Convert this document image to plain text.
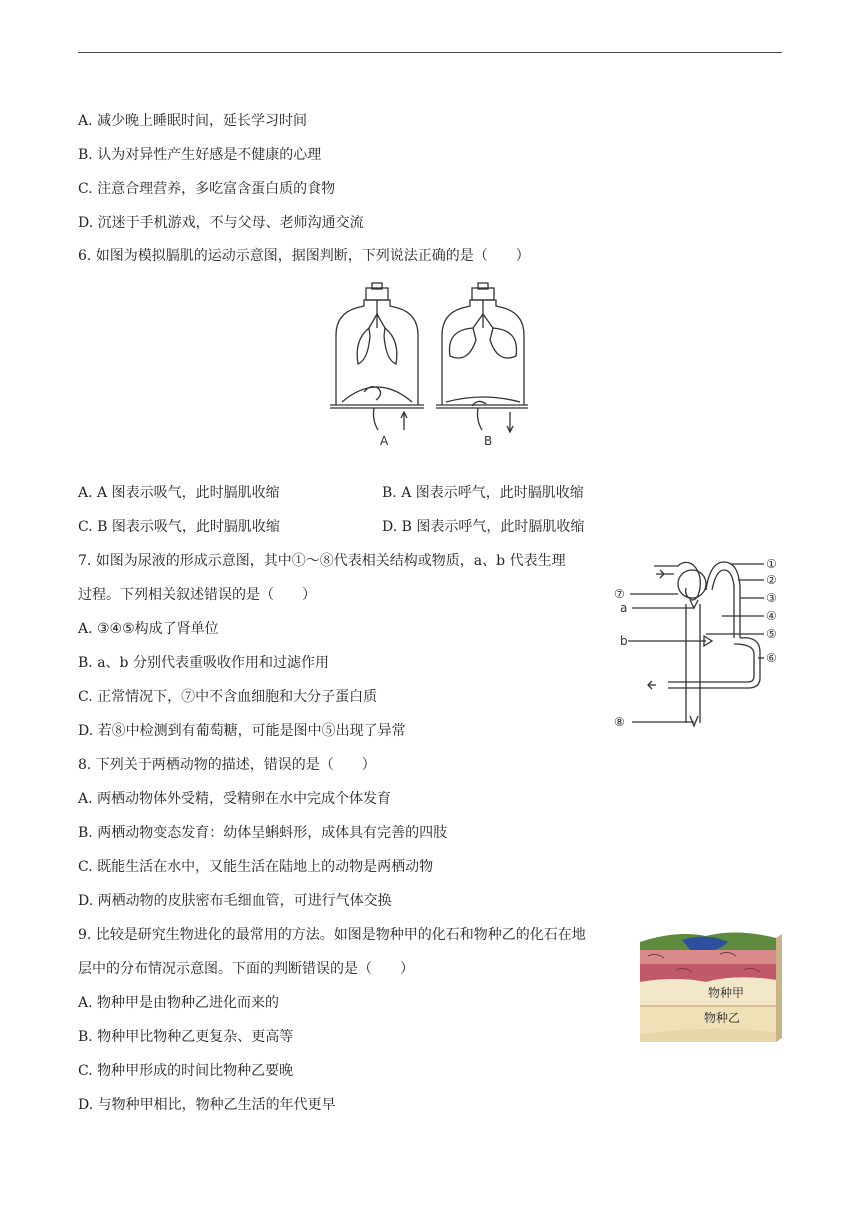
A. 减少晚上睡眠时间，延长学习时间
B. 认为对异性产生好感是不健康的心理
C. 注意合理营养，多吃富含蛋白质的食物
D. 沉迷于手机游戏，不与父母、老师沟通交流
6. 如图为模拟膈肌的运动示意图，据图判断，下列说法正确的是（　　）
A	B
A. A 图表示吸气，此时膈肌收缩	B. A 图表示呼气，此时膈肌收缩
C. B 图表示吸气，此时膈肌收缩	D. B 图表示呼气，此时膈肌收缩
7. 如图为尿液的形成示意图，其中①～⑧代表相关结构或物质，a、b 代表生理
过程。下列相关叙述错误的是（　　）
A. ③④⑤构成了肾单位
B. a、b 分别代表重吸收作用和过滤作用
C. 正常情况下，⑦中不含血细胞和大分子蛋白质
D. 若⑧中检测到有葡萄糖，可能是图中⑤出现了异常
①
②
③
④
⑤
⑥
⑦
⑧
a
b
8. 下列关于两栖动物的描述，错误的是（　　）
A. 两栖动物体外受精，受精卵在水中完成个体发育
B. 两栖动物变态发育：幼体呈蝌蚪形，成体具有完善的四肢
C. 既能生活在水中，又能生活在陆地上的动物是两栖动物
D. 两栖动物的皮肤密布毛细血管，可进行气体交换
9. 比较是研究生物进化的最常用的方法。如图是物种甲的化石和物种乙的化石在地
层中的分布情况示意图。下面的判断错误的是（　　）
A. 物种甲是由物种乙进化而来的
B. 物种甲比物种乙更复杂、更高等
C. 物种甲形成的时间比物种乙要晚
D. 与物种甲相比，物种乙生活的年代更早
物种甲
物种乙
